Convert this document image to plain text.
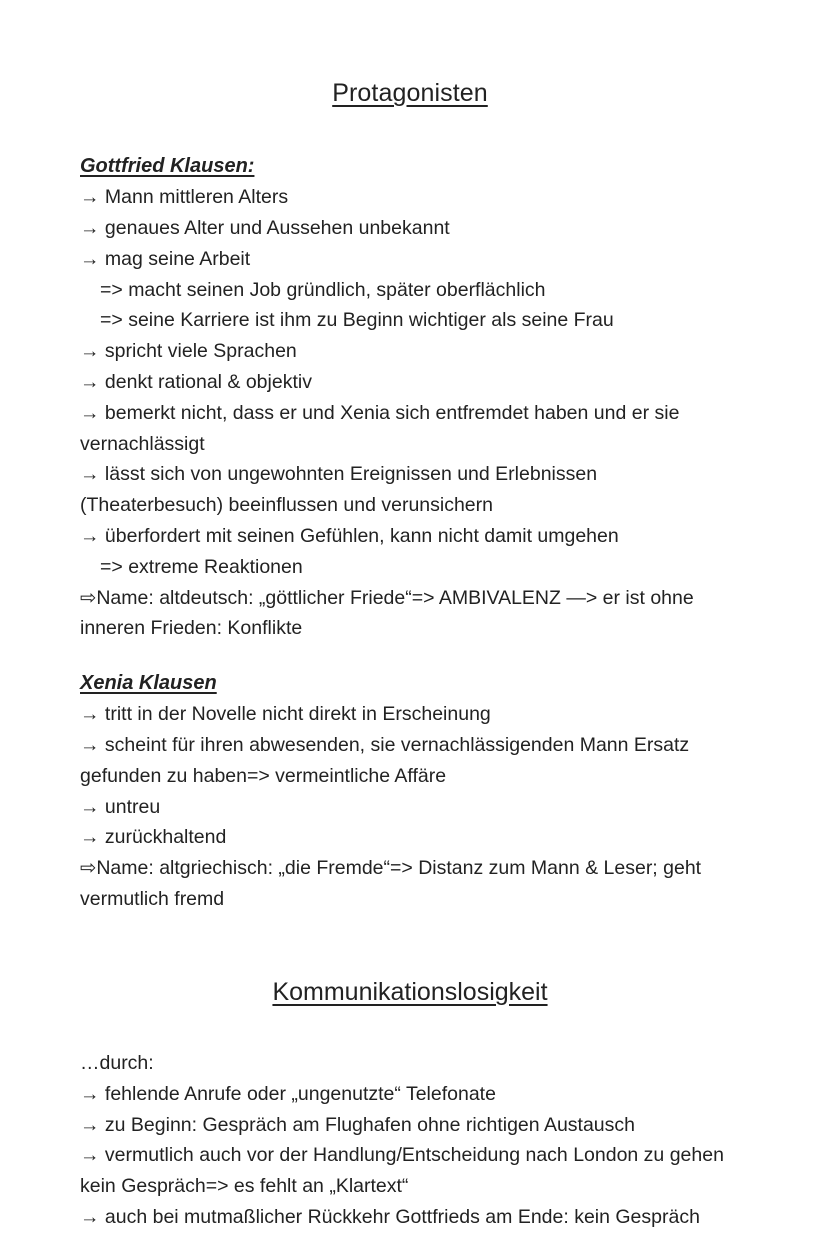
Protagonisten
Gottfried Klausen:

→ Mann mittleren Alters

→ genaues Alter und Aussehen unbekannt

→ mag seine Arbeit

=> macht seinen Job gründlich, später oberflächlich

=> seine Karriere ist ihm zu Beginn wichtiger als seine Frau

→ spricht viele Sprachen

→ denkt rational & objektiv

→ bemerkt nicht, dass er und Xenia sich entfremdet haben und er sie vernachlässigt

→ lässt sich von ungewohnten Ereignissen und Erlebnissen (Theaterbesuch) beeinflussen und verunsichern

→ überfordert mit seinen Gefühlen, kann nicht damit umgehen

=> extreme Reaktionen

⇨Name: altdeutsch: „göttlicher Friede“=> AMBIVALENZ —> er ist ohne inneren Frieden: Konflikte

Xenia Klausen

→ tritt in der Novelle nicht direkt in Erscheinung

→ scheint für ihren abwesenden, sie vernachlässigenden Mann Ersatz gefunden zu haben=> vermeintliche Affäre

→ untreu

→ zurückhaltend

⇨Name: altgriechisch: „die Fremde“=> Distanz zum Mann & Leser; geht vermutlich fremd

Kommunikationslosigkeit

…durch:

→ fehlende Anrufe oder „ungenutzte“ Telefonate

→ zu Beginn: Gespräch am Flughafen ohne richtigen Austausch

→ vermutlich auch vor der Handlung/Entscheidung nach London zu gehen kein Gespräch=> es fehlt an „Klartext“

→ auch bei mutmaßlicher Rückkehr Gottfrieds am Ende: kein Gespräch
